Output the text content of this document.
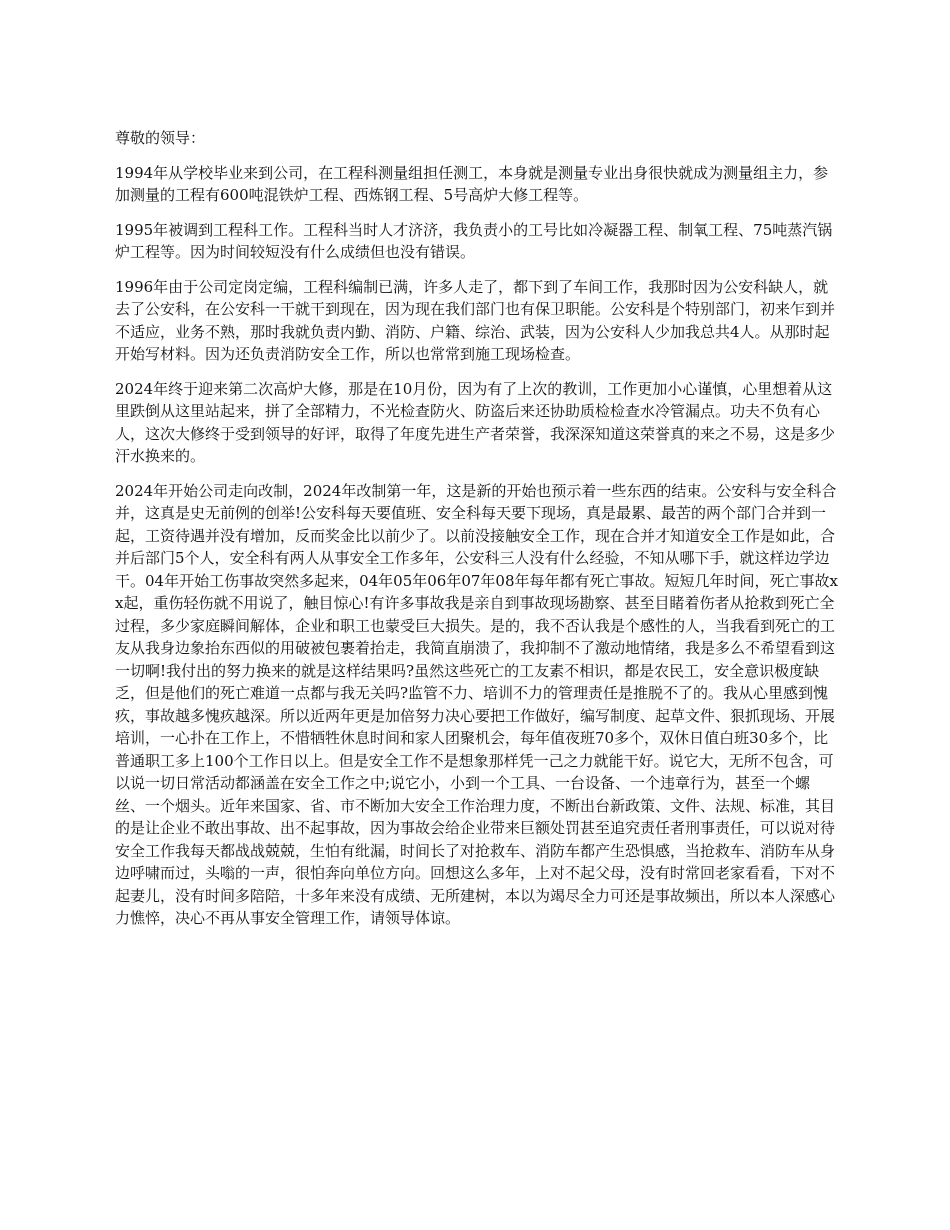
尊敬的领导：

1994年从学校毕业来到公司，在工程科测量组担任测工，本身就是测量专业出身很快就成为测量组主力，参加测量的工程有600吨混铁炉工程、西炼钢工程、5号高炉大修工程等。

1995年被调到工程科工作。工程科当时人才济济，我负责小的工号比如冷凝器工程、制氧工程、75吨蒸汽锅炉工程等。因为时间较短没有什么成绩但也没有错误。

1996年由于公司定岗定编，工程科编制已满，许多人走了，都下到了车间工作，我那时因为公安科缺人，就去了公安科，在公安科一干就干到现在，因为现在我们部门也有保卫职能。公安科是个特别部门，初来乍到并不适应，业务不熟，那时我就负责内勤、消防、户籍、综治、武装，因为公安科人少加我总共4人。从那时起开始写材料。因为还负责消防安全工作，所以也常常到施工现场检查。

2024年终于迎来第二次高炉大修，那是在10月份，因为有了上次的教训，工作更加小心谨慎，心里想着从这里跌倒从这里站起来，拼了全部精力，不光检查防火、防盗后来还协助质检检查水冷管漏点。功夫不负有心人，这次大修终于受到领导的好评，取得了年度先进生产者荣誉，我深深知道这荣誉真的来之不易，这是多少汗水换来的。

2024年开始公司走向改制，2024年改制第一年，这是新的开始也预示着一些东西的结束。公安科与安全科合并，这真是史无前例的创举!公安科每天要值班、安全科每天要下现场，真是最累、最苦的两个部门合并到一起，工资待遇并没有增加，反而奖金比以前少了。以前没接触安全工作，现在合并才知道安全工作是如此，合并后部门5个人，安全科有两人从事安全工作多年，公安科三人没有什么经验，不知从哪下手，就这样边学边干。04年开始工伤事故突然多起来，04年05年06年07年08年每年都有死亡事故。短短几年时间，死亡事故xx起，重伤轻伤就不用说了，触目惊心!有许多事故我是亲自到事故现场勘察、甚至目睹着伤者从抢救到死亡全过程，多少家庭瞬间解体，企业和职工也蒙受巨大损失。是的，我不否认我是个感性的人，当我看到死亡的工友从我身边象抬东西似的用破被包裹着抬走，我简直崩溃了，我抑制不了激动地情绪，我是多么不希望看到这一切啊!我付出的努力换来的就是这样结果吗?虽然这些死亡的工友素不相识，都是农民工，安全意识极度缺乏，但是他们的死亡难道一点都与我无关吗?监管不力、培训不力的管理责任是推脱不了的。我从心里感到愧疚，事故越多愧疚越深。所以近两年更是加倍努力决心要把工作做好，编写制度、起草文件、狠抓现场、开展培训，一心扑在工作上，不惜牺牲休息时间和家人团聚机会，每年值夜班70多个，双休日值白班30多个，比普通职工多上100个工作日以上。但是安全工作不是想象那样凭一己之力就能干好。说它大，无所不包含，可以说一切日常活动都涵盖在安全工作之中;说它小，小到一个工具、一台设备、一个违章行为，甚至一个螺丝、一个烟头。近年来国家、省、市不断加大安全工作治理力度，不断出台新政策、文件、法规、标准，其目的是让企业不敢出事故、出不起事故，因为事故会给企业带来巨额处罚甚至追究责任者刑事责任，可以说对待安全工作我每天都战战兢兢，生怕有纰漏，时间长了对抢救车、消防车都产生恐惧感，当抢救车、消防车从身边呼啸而过，头嗡的一声，很怕奔向单位方向。回想这么多年，上对不起父母，没有时常回老家看看，下对不起妻儿，没有时间多陪陪，十多年来没有成绩、无所建树，本以为竭尽全力可还是事故频出，所以本人深感心力憔悴，决心不再从事安全管理工作，请领导体谅。
